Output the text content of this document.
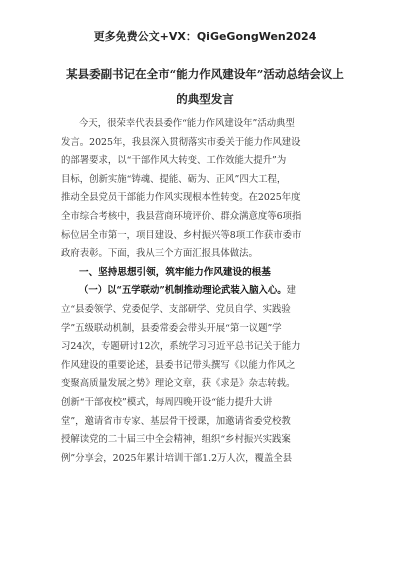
更多免费公文+VX：QiGeGongWen2024
某县委副书记在全市“能力作风建设年”活动总结会议上
的典型发言
今天，很荣幸代表县委作“能力作风建设年”活动典型
发言。2025年，我县深入贯彻落实市委关于能力作风建设
的部署要求，以“干部作风大转变、工作效能大提升”为
目标，创新实施“铸魂、提能、砺为、正风”四大工程，
推动全县党员干部能力作风实现根本性转变。在2025年度
全市综合考核中，我县营商环境评价、群众满意度等6项指
标位居全市第一，项目建设、乡村振兴等8项工作获市委市
政府表彰。下面，我从三个方面汇报具体做法。
一、坚持思想引领，筑牢能力作风建设的根基
（一）以“五学联动”机制推动理论武装入脑入心。建
立“县委领学、党委促学、支部研学、党员自学、实践验
学”五级联动机制，县委常委会带头开展“第一议题”学
习24次，专题研讨12次，系统学习习近平总书记关于能力
作风建设的重要论述，县委书记带头撰写《以能力作风之
变聚高质量发展之势》理论文章，获《求是》杂志转载。
创新“干部夜校”模式，每周四晚开设“能力提升大讲
堂”，邀请省市专家、基层骨干授课，加邀请省委党校教
授解读党的二十届三中全会精神，组织“乡村振兴实践案
例”分享会，2025年累计培训干部1.2万人次，覆盖全县
